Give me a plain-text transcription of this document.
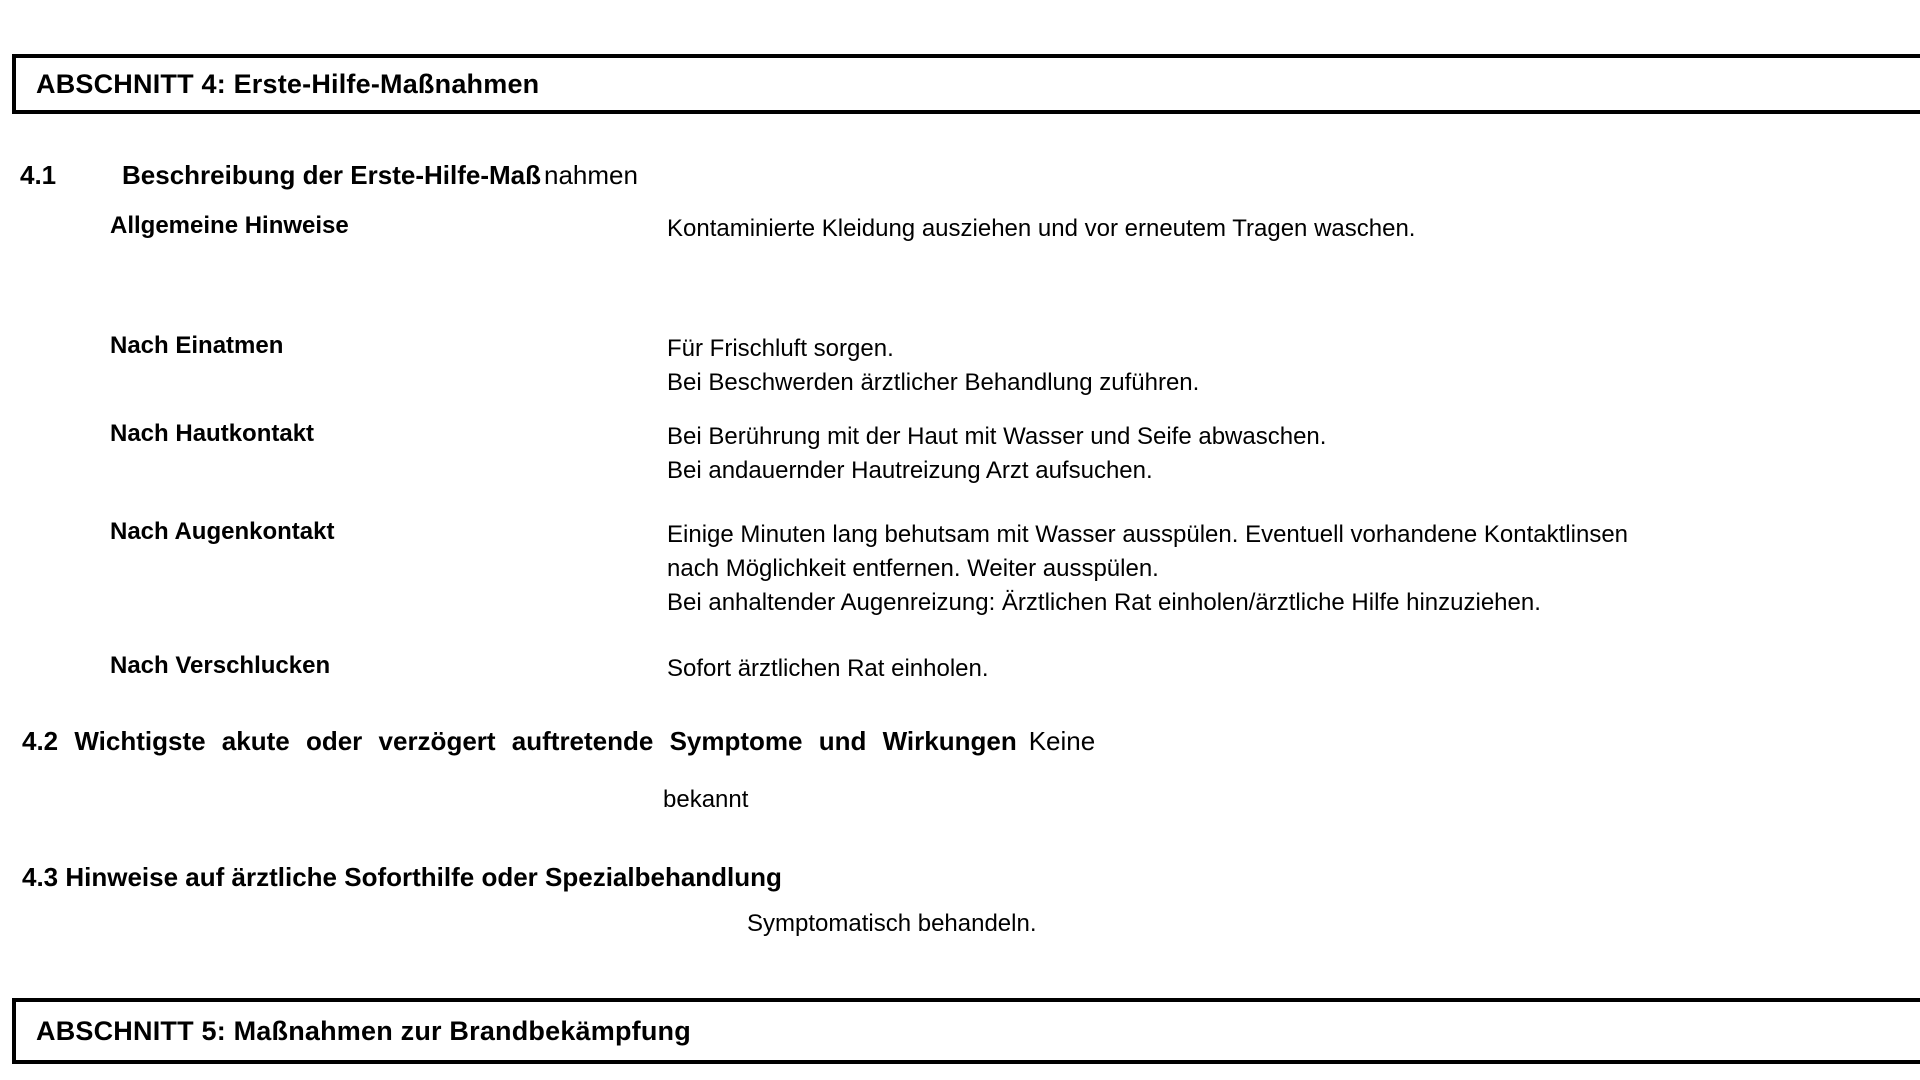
ABSCHNITT 4: Erste-Hilfe-Maßnahmen
4.1	Beschreibung der Erste-Hilfe-Maß nahmen
Allgemeine Hinweise	Kontaminierte Kleidung ausziehen und vor erneutem Tragen waschen.
Nach Einatmen	Für Frischluft sorgen.
Bei Beschwerden ärztlicher Behandlung zuführen.
Nach Hautkontakt	Bei Berührung mit der Haut mit Wasser und Seife abwaschen.
Bei andauernder Hautreizung Arzt aufsuchen.
Nach Augenkontakt	Einige Minuten lang behutsam mit Wasser ausspülen. Eventuell vorhandene Kontaktlinsen
nach Möglichkeit entfernen. Weiter ausspülen.
Bei anhaltender Augenreizung: Ärztlichen Rat einholen/ärztliche Hilfe hinzuziehen.
Nach Verschlucken	Sofort ärztlichen Rat einholen.
4.2 Wichtigste akute oder verzögert auftretende Symptome und Wirkungen Keine
bekannt
4.3 Hinweise auf ärztliche Soforthilfe oder Spezialbehandlung
Symptomatisch behandeln.
ABSCHNITT 5: Maßnahmen zur Brandbekämpfung
